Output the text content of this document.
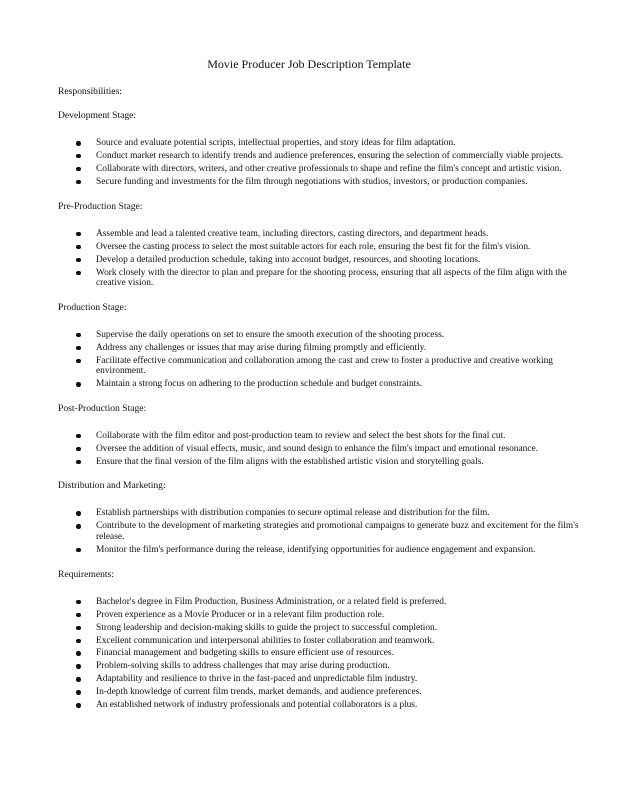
Movie Producer Job Description Template
Responsibilities:
Development Stage:
Source and evaluate potential scripts, intellectual properties, and story ideas for film adaptation.
Conduct market research to identify trends and audience preferences, ensuring the selection of commercially viable projects.
Collaborate with directors, writers, and other creative professionals to shape and refine the film's concept and artistic vision.
Secure funding and investments for the film through negotiations with studios, investors, or production companies.
Pre-Production Stage:
Assemble and lead a talented creative team, including directors, casting directors, and department heads.
Oversee the casting process to select the most suitable actors for each role, ensuring the best fit for the film's vision.
Develop a detailed production schedule, taking into account budget, resources, and shooting locations.
Work closely with the director to plan and prepare for the shooting process, ensuring that all aspects of the film align with the creative vision.
Production Stage:
Supervise the daily operations on set to ensure the smooth execution of the shooting process.
Address any challenges or issues that may arise during filming promptly and efficiently.
Facilitate effective communication and collaboration among the cast and crew to foster a productive and creative working environment.
Maintain a strong focus on adhering to the production schedule and budget constraints.
Post-Production Stage:
Collaborate with the film editor and post-production team to review and select the best shots for the final cut.
Oversee the addition of visual effects, music, and sound design to enhance the film's impact and emotional resonance.
Ensure that the final version of the film aligns with the established artistic vision and storytelling goals.
Distribution and Marketing:
Establish partnerships with distribution companies to secure optimal release and distribution for the film.
Contribute to the development of marketing strategies and promotional campaigns to generate buzz and excitement for the film's release.
Monitor the film's performance during the release, identifying opportunities for audience engagement and expansion.
Requirements:
Bachelor's degree in Film Production, Business Administration, or a related field is preferred.
Proven experience as a Movie Producer or in a relevant film production role.
Strong leadership and decision-making skills to guide the project to successful completion.
Excellent communication and interpersonal abilities to foster collaboration and teamwork.
Financial management and budgeting skills to ensure efficient use of resources.
Problem-solving skills to address challenges that may arise during production.
Adaptability and resilience to thrive in the fast-paced and unpredictable film industry.
In-depth knowledge of current film trends, market demands, and audience preferences.
An established network of industry professionals and potential collaborators is a plus.
